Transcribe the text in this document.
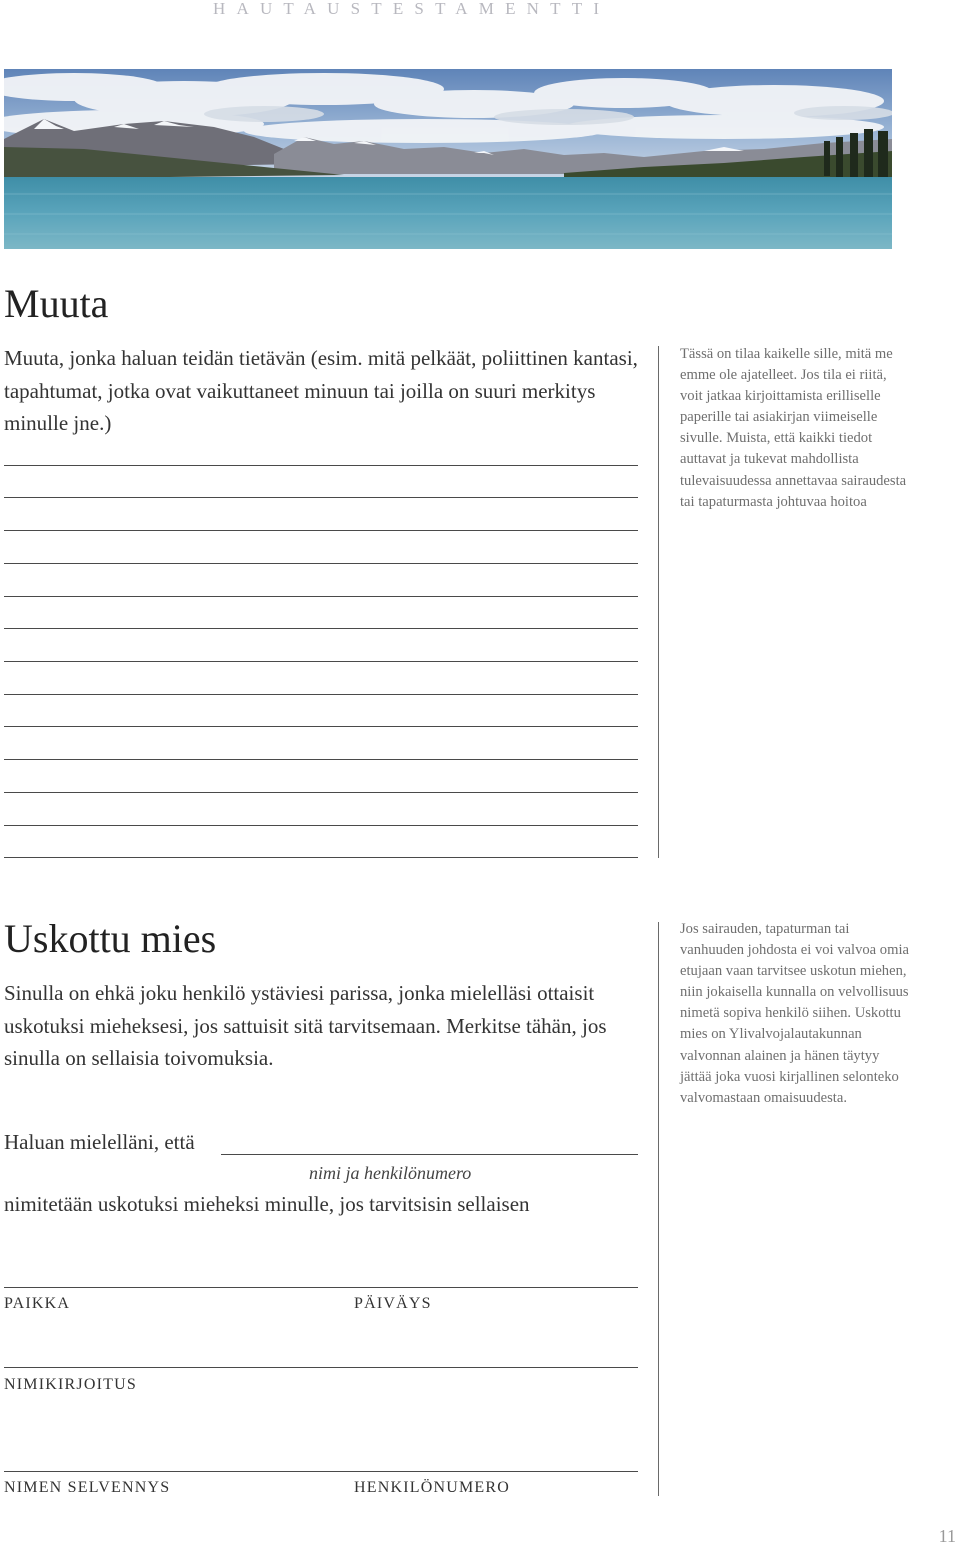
HAUTAUSTESTAMENTTI
Muuta

Muuta, jonka haluan teidän tietävän (esim. mitä pelkäät, poliittinen kantasi, tapahtumat, jotka ovat vaikuttaneet minuun tai joilla on suuri merkitys minulle jne.)

Tässä on tilaa kaikelle sille, mitä me emme ole ajatelleet. Jos tila ei riitä, voit jatkaa kirjoittamista erilliselle paperille tai asiakirjan viimeiselle sivulle. Muista, että kaikki tiedot auttavat ja tukevat mahdollista tulevaisuudessa annettavaa sairaudesta tai tapaturmasta johtuvaa hoitoa

Uskottu mies

Sinulla on ehkä joku henkilö ystäviesi parissa, jonka mielelläsi ottaisit uskotuksi mieheksesi, jos sattuisit sitä tarvitsemaan. Merkitse tähän, jos sinulla on sellaisia toivomuksia.

Jos sairauden, tapaturman tai vanhuuden johdosta ei voi valvoa omia etujaan vaan tarvitsee uskotun miehen, niin jokaisella kunnalla on velvollisuus nimetä sopiva henkilö siihen. Uskottu mies on Ylivalvojalautakunnan valvonnan alainen ja hänen täytyy jättää joka vuosi kirjallinen selonteko valvomastaan omaisuudesta.

Haluan mielelläni, että
nimi ja henkilönumero
nimitetään uskotuksi mieheksi minulle, jos tarvitsisin sellaisen
PAIKKA	PÄIVÄYS
NIMIKIRJOITUS
NIMEN SELVENNYS	HENKILÖNUMERO
11
